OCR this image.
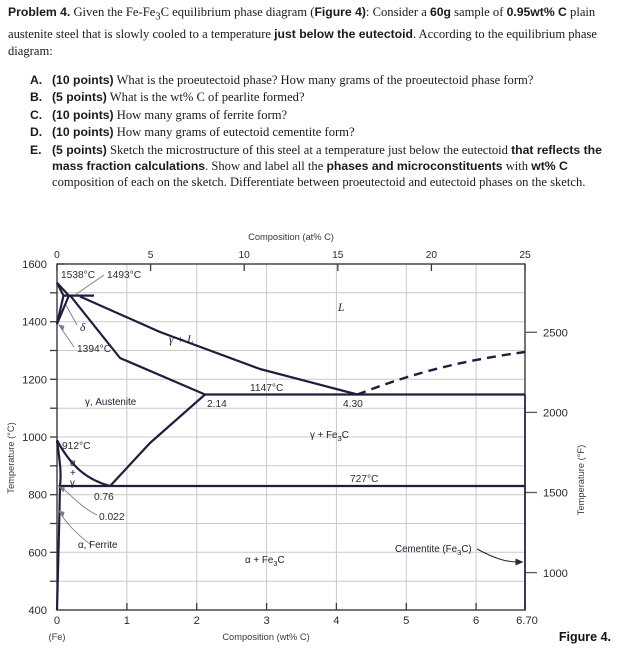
Problem 4. Given the $Fe-Fe_3C$ equilibrium phase diagram (Figure 4): Consider a 60g sample of 0.95wt% C plain austenite steel that is slowly cooled to a temperature just below the eutectoid. According to the equilibrium phase diagram:
A. (10 points) What is the proeutectoid phase? How many grams of the proeutectoid phase form?
B. (5 points) What is the wt% C of pearlite formed?
C. (10 points) How many grams of ferrite form?
D. (10 points) How many grams of eutectoid cementite form?
E. (5 points) Sketch the microstructure of this steel at a temperature just below the eutectoid that reflects the mass fraction calculations. Show and label all the phases and microconstituents with wt% C composition of each on the sketch. Differentiate between proeutectoid and eutectoid phases on the sketch.
Composition (at% C)
0	5	10	15	20	25
0	1	2	3	4	5	6	6.70
(Fe)	Composition (wt% C)
1600
1400
1200
1000
800
600
400
2500
2000
1500
1000
Temperature (°C)	Temperature (°F)
1538°C 1493°C
1394°C
1147°C
912°C
727°C
2.14	4.30
0.76
0.022
δ
L
γ + L
γ, Austenite
α, Ferrite
α
+
γ
$\gamma + Fe_3C$
$\alpha + Fe_3C$
Cementite $(Fe_3C)$
Figure 4.
